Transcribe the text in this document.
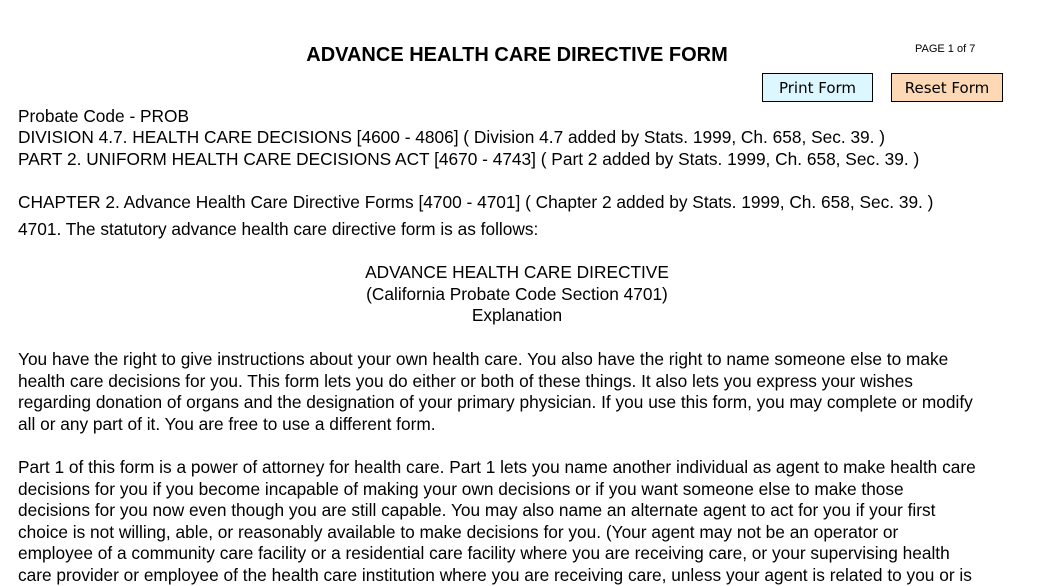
ADVANCE HEALTH CARE DIRECTIVE FORM	PAGE 1 of 7
Print Form	Reset Form
Probate Code - PROB
DIVISION 4.7. HEALTH CARE DECISIONS [4600 - 4806] ( Division 4.7 added by Stats. 1999, Ch. 658, Sec. 39. )
PART 2. UNIFORM HEALTH CARE DECISIONS ACT [4670 - 4743] ( Part 2 added by Stats. 1999, Ch. 658, Sec. 39. )
CHAPTER 2. Advance Health Care Directive Forms [4700 - 4701] ( Chapter 2 added by Stats. 1999, Ch. 658, Sec. 39. )
4701. The statutory advance health care directive form is as follows:
ADVANCE HEALTH CARE DIRECTIVE
(California Probate Code Section 4701)
Explanation
You have the right to give instructions about your own health care. You also have the right to name someone else to make
health care decisions for you. This form lets you do either or both of these things. It also lets you express your wishes
regarding donation of organs and the designation of your primary physician. If you use this form, you may complete or modify
all or any part of it. You are free to use a different form.
Part 1 of this form is a power of attorney for health care. Part 1 lets you name another individual as agent to make health care
decisions for you if you become incapable of making your own decisions or if you want someone else to make those
decisions for you now even though you are still capable. You may also name an alternate agent to act for you if your first
choice is not willing, able, or reasonably available to make decisions for you. (Your agent may not be an operator or
employee of a community care facility or a residential care facility where you are receiving care, or your supervising health
care provider or employee of the health care institution where you are receiving care, unless your agent is related to you or is
